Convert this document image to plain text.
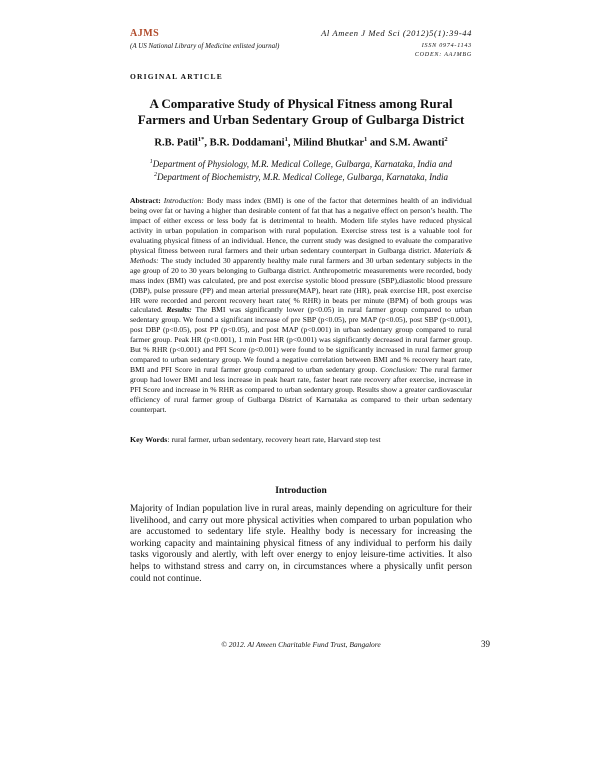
AJMS
(A US National Library of Medicine enlisted journal)
Al Ameen J Med Sci (2012)5(1):39-44
ISSN 0974-1143
CODEN: AAJMBG
ORIGINAL ARTICLE
A Comparative Study of Physical Fitness among Rural Farmers and Urban Sedentary Group of Gulbarga District
R.B. Patil$^{1*}$, B.R. Doddamani$^1$, Milind Bhutkar$^1$ and S.M. Awanti$^2$
$^1$Department of Physiology, M.R. Medical College, Gulbarga, Karnataka, India and
$^2$Department of Biochemistry, M.R. Medical College, Gulbarga, Karnataka, India
Abstract: Introduction: Body mass index (BMI) is one of the factor that determines health of an individual being over fat or having a higher than desirable content of fat that has a negative effect on person’s health. The impact of either excess or less body fat is detrimental to health. Modern life styles have reduced physical activity in urban population in comparison with rural population. Exercise stress test is a valuable tool for evaluating physical fitness of an individual. Hence, the current study was designed to evaluate the comparative physical fitness between rural farmers and their urban sedentary counterpart in Gulbarga district. Materials & Methods: The study included 30 apparently healthy male rural farmers and 30 urban sedentary subjects in the age group of 20 to 30 years belonging to Gulbarga district. Anthropometric measurements were recorded, body mass index (BMI) was calculated, pre and post exercise systolic blood pressure (SBP),diastolic blood pressure (DBP), pulse pressure (PP) and mean arterial pressure(MAP), heart rate (HR), peak exercise HR, post exercise HR were recorded and percent recovery heart rate( % RHR) in beats per minute (BPM) of both groups was calculated. Results: The BMI was significantly lower (p<0.05) in rural farmer group compared to urban sedentary group. We found a significant increase of pre SBP (p<0.05), pre MAP (p<0.05), post SBP (p<0.001), post DBP (p<0.05), post PP (p<0.05), and post MAP (p<0.001) in urban sedentary group compared to rural farmer group. Peak HR (p<0.001), 1 min Post HR (p<0.001) was significantly decreased in rural farmer group. But % RHR (p<0.001) and PFI Score (p<0.001) were found to be significantly increased in rural farmer group compared to urban sedentary group. We found a negative correlation between BMI and % recovery heart rate, BMI and PFI Score in rural farmer group compared to urban sedentary group. Conclusion: The rural farmer group had lower BMI and less increase in peak heart rate, faster heart rate recovery after exercise, increase in PFI Score and increase in % RHR as compared to urban sedentary group. Results show a greater cardiovascular efficiency of rural farmer group of Gulbarga District of Karnataka as compared to their urban sedentary counterpart.
Key Words: rural farmer, urban sedentary, recovery heart rate, Harvard step test
Introduction
Majority of Indian population live in rural areas, mainly depending on agriculture for their livelihood, and carry out more physical activities when compared to urban population who are accustomed to sedentary life style. Healthy body is necessary for increasing the working capacity and maintaining physical fitness of any individual to perform his daily tasks vigorously and alertly, with left over energy to enjoy leisure-time activities. It also helps to withstand stress and carry on, in circumstances where a physically unfit person could not continue.
© 2012. Al Ameen Charitable Fund Trust, Bangalore	39
